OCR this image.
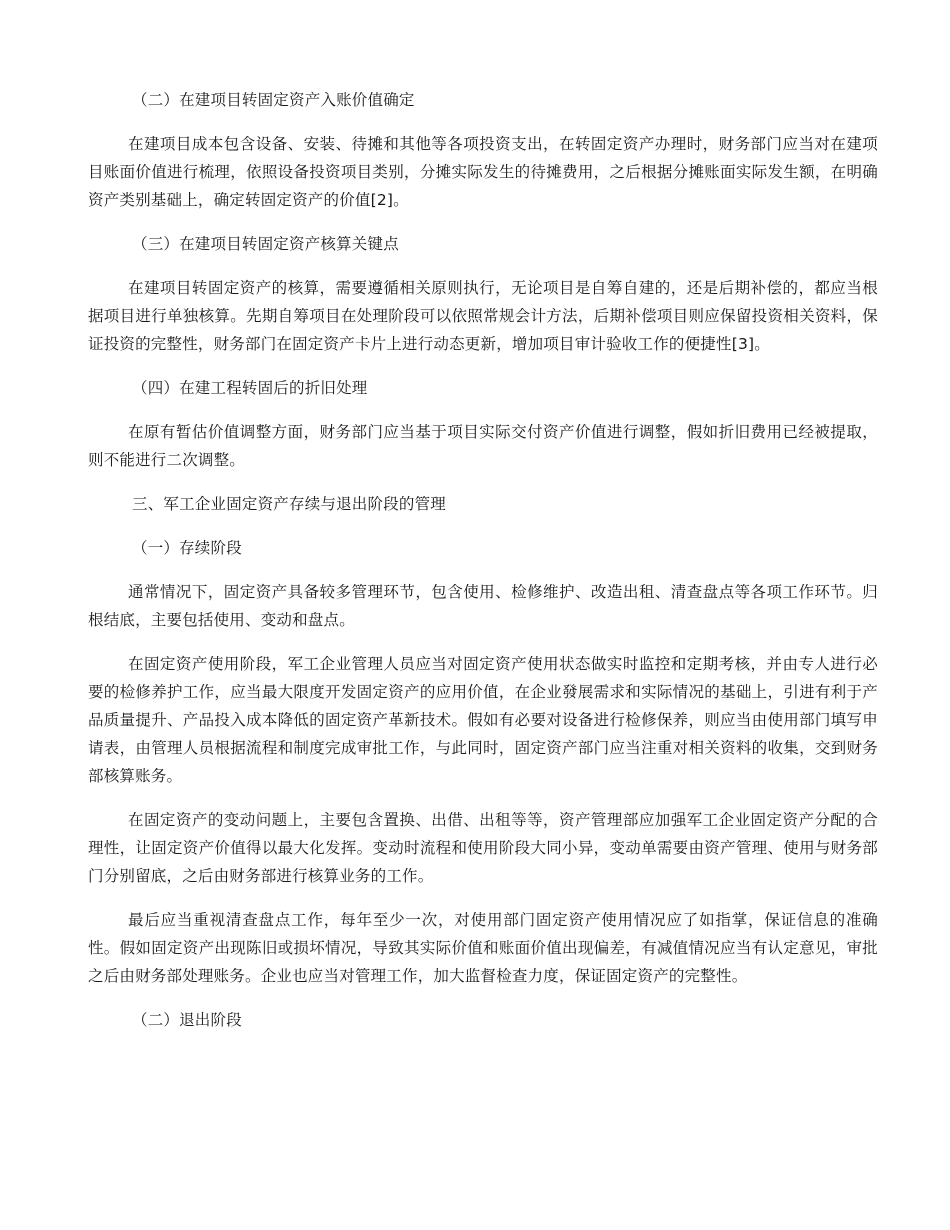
（二）在建项目转固定资产入账价值确定

在建项目成本包含设备、安装、待摊和其他等各项投资支出，在转固定资产办理时，财务部门应当对在建项目账面价值进行梳理，依照设备投资项目类别，分摊实际发生的待摊费用，之后根据分摊账面实际发生额，在明确资产类别基础上，确定转固定资产的价值[2]。

（三）在建项目转固定资产核算关键点

在建项目转固定资产的核算，需要遵循相关原则执行，无论项目是自筹自建的，还是后期补偿的，都应当根据项目进行单独核算。先期自筹项目在处理阶段可以依照常规会计方法，后期补偿项目则应保留投资相关资料，保证投资的完整性，财务部门在固定资产卡片上进行动态更新，增加项目审计验收工作的便捷性[3]。

（四）在建工程转固后的折旧处理

在原有暂估价值调整方面，财务部门应当基于项目实际交付资产价值进行调整，假如折旧费用已经被提取，则不能进行二次调整。

三、军工企业固定资产存续与退出阶段的管理

（一）存续阶段

通常情况下，固定资产具备较多管理环节，包含使用、检修维护、改造出租、清查盘点等各项工作环节。归根结底，主要包括使用、变动和盘点。

在固定资产使用阶段，军工企业管理人员应当对固定资产使用状态做实时监控和定期考核，并由专人进行必要的检修养护工作，应当最大限度开发固定资产的应用价值，在企业發展需求和实际情况的基础上，引进有利于产品质量提升、产品投入成本降低的固定资产革新技术。假如有必要对设备进行检修保养，则应当由使用部门填写申请表，由管理人员根据流程和制度完成审批工作，与此同时，固定资产部门应当注重对相关资料的收集，交到财务部核算账务。

在固定资产的变动问题上，主要包含置换、出借、出租等等，资产管理部应加强军工企业固定资产分配的合理性，让固定资产价值得以最大化发挥。变动时流程和使用阶段大同小异，变动单需要由资产管理、使用与财务部门分别留底，之后由财务部进行核算业务的工作。

最后应当重视清查盘点工作，每年至少一次，对使用部门固定资产使用情况应了如指掌，保证信息的准确性。假如固定资产出现陈旧或损坏情况，导致其实际价值和账面价值出现偏差，有减值情况应当有认定意见，审批之后由财务部处理账务。企业也应当对管理工作，加大监督检查力度，保证固定资产的完整性。

（二）退出阶段
